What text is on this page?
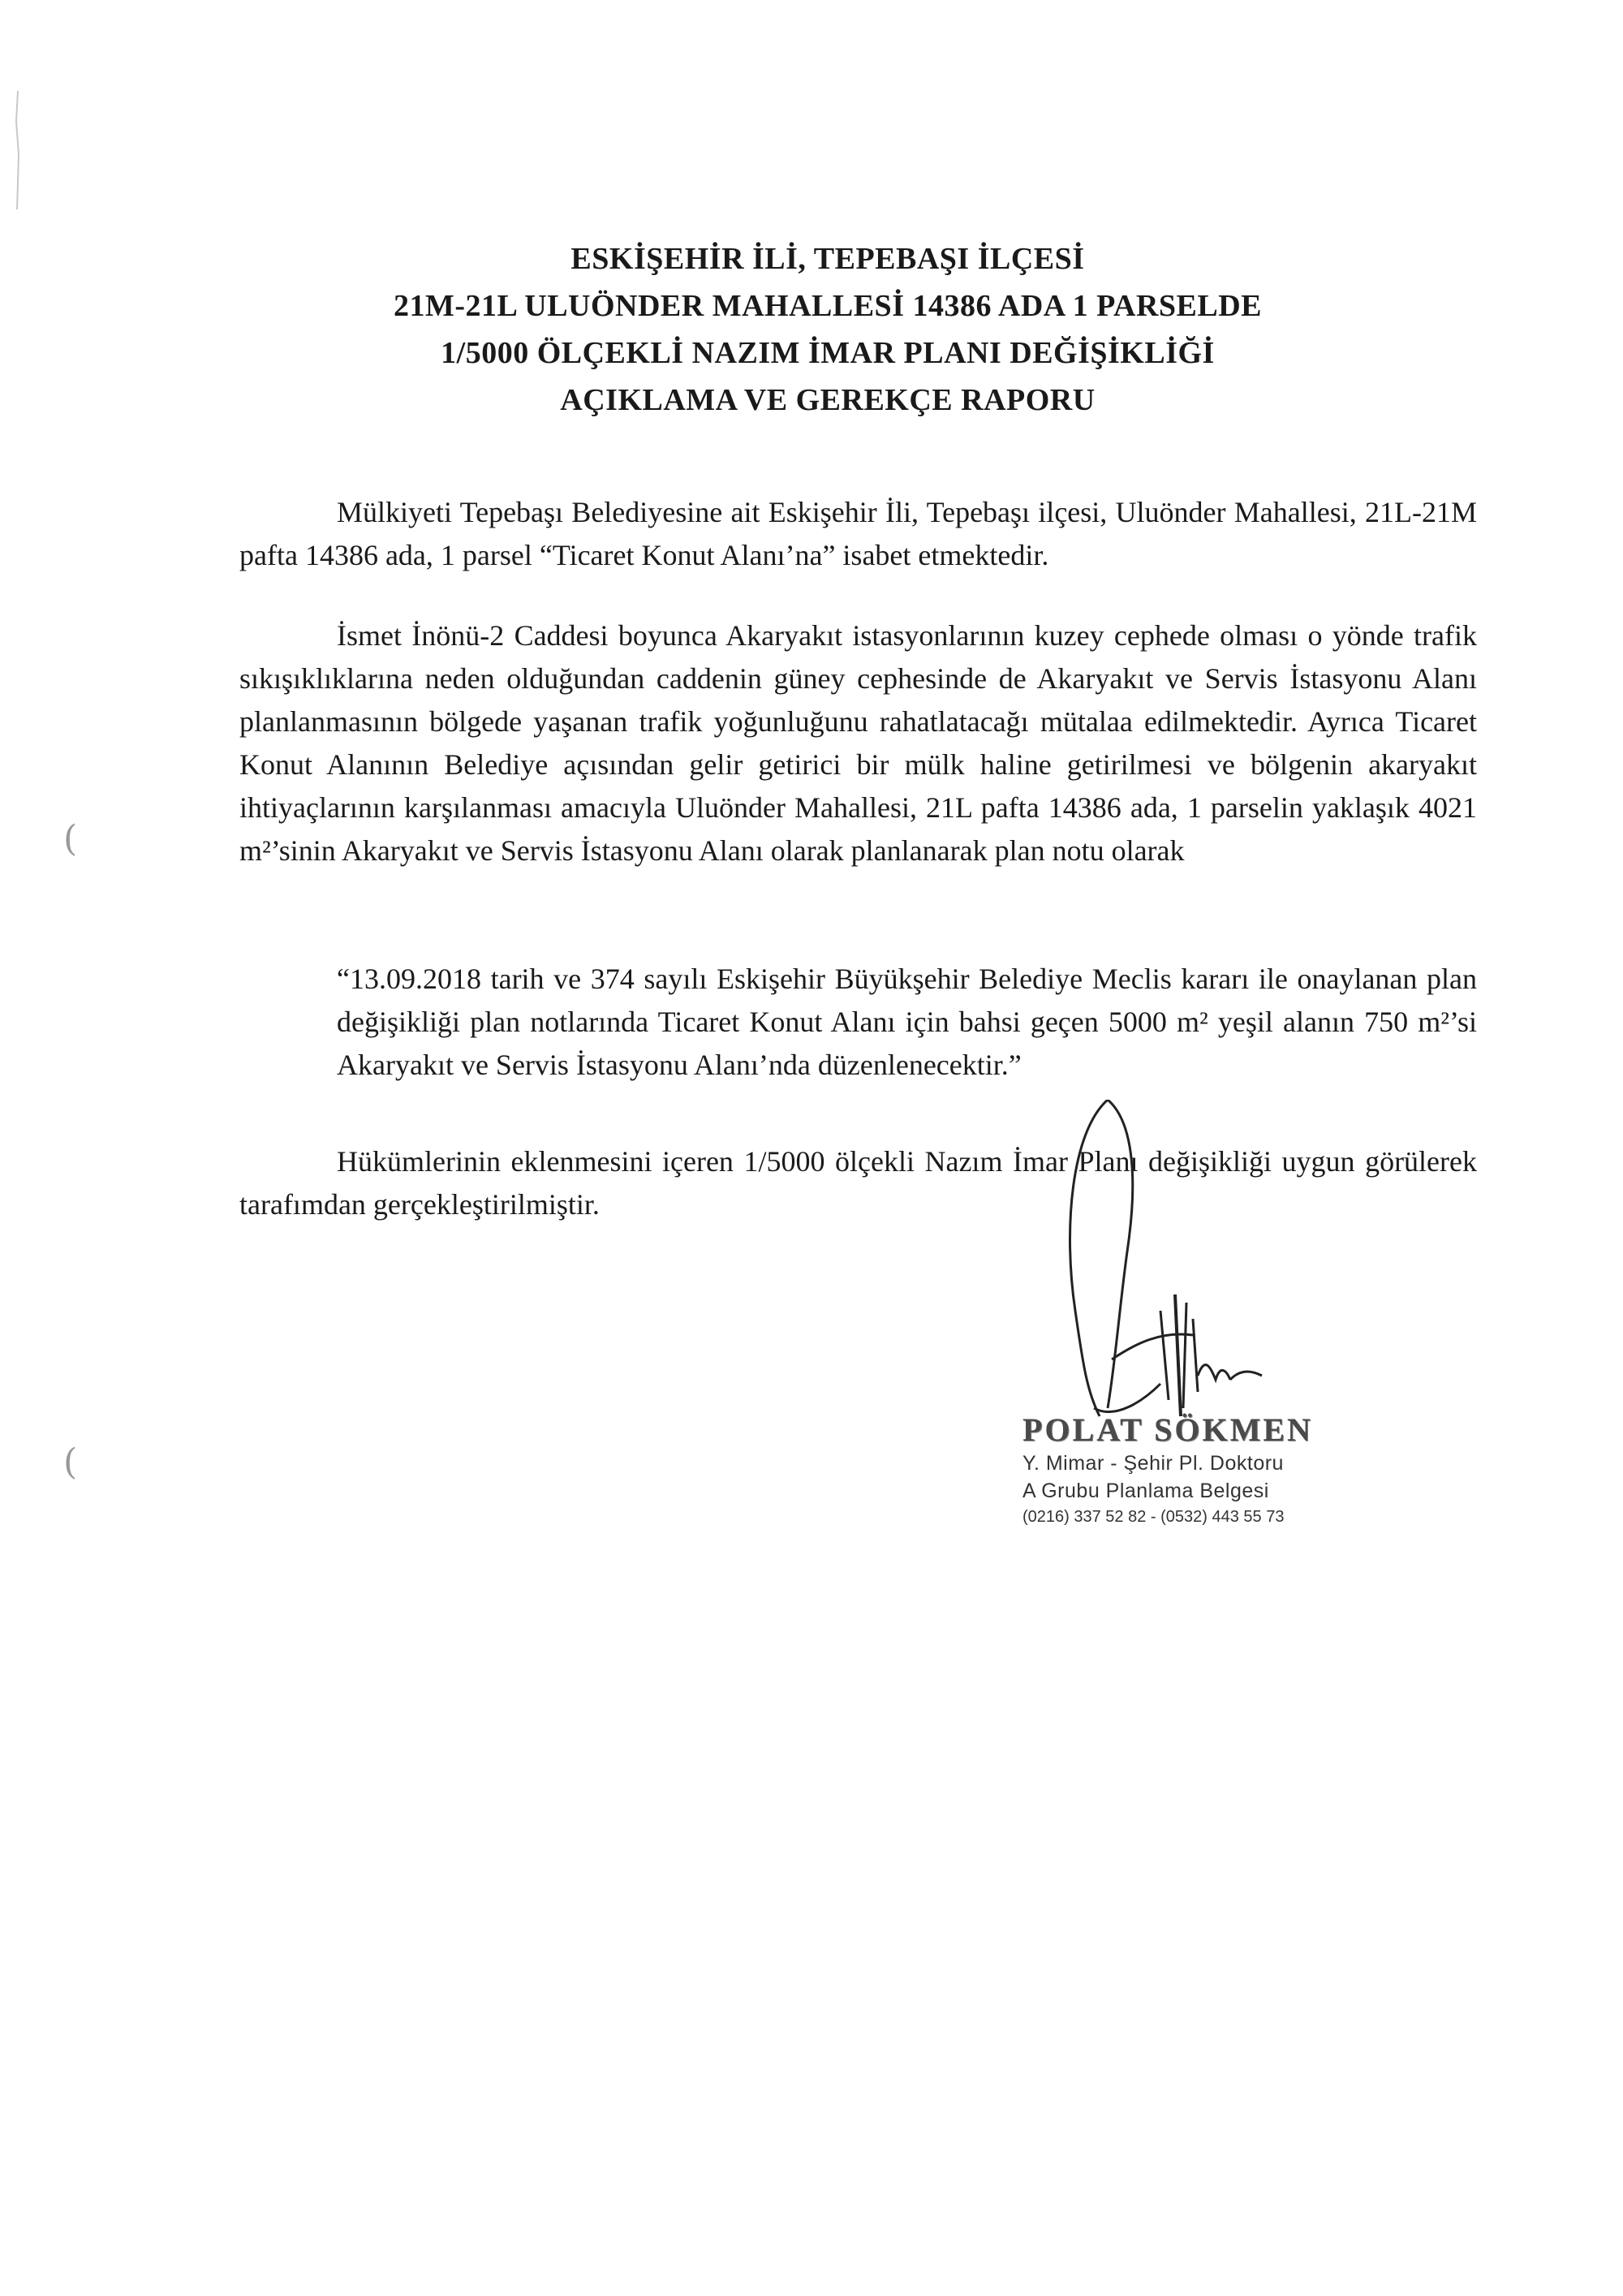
ESKİŞEHİR İLİ, TEPEBAŞI İLÇESİ
21M-21L ULUÖNDER MAHALLESİ 14386 ADA 1 PARSELDE
1/5000 ÖLÇEKLİ NAZIM İMAR PLANI DEĞİŞİKLİĞİ
AÇIKLAMA VE GEREKÇE RAPORU

Mülkiyeti Tepebaşı Belediyesine ait Eskişehir İli, Tepebaşı ilçesi, Uluönder Mahallesi, 21L-21M pafta 14386 ada, 1 parsel “Ticaret Konut Alanı’na” isabet etmektedir.

İsmet İnönü-2 Caddesi boyunca Akaryakıt istasyonlarının kuzey cephede olması o yönde trafik sıkışıklıklarına neden olduğundan caddenin güney cephesinde de Akaryakıt ve Servis İstasyonu Alanı planlanmasının bölgede yaşanan trafik yoğunluğunu rahatlatacağı mütalaa edilmektedir. Ayrıca Ticaret Konut Alanının Belediye açısından gelir getirici bir mülk haline getirilmesi ve bölgenin akaryakıt ihtiyaçlarının karşılanması amacıyla Uluönder Mahallesi, 21L pafta 14386 ada, 1 parselin yaklaşık 4021 m²’sinin Akaryakıt ve Servis İstasyonu Alanı olarak planlanarak plan notu olarak

“13.09.2018 tarih ve 374 sayılı Eskişehir Büyükşehir Belediye Meclis kararı ile onaylanan plan değişikliği plan notlarında Ticaret Konut Alanı için bahsi geçen 5000 m² yeşil alanın 750 m²’si Akaryakıt ve Servis İstasyonu Alanı’nda düzenlenecektir.”

Hükümlerinin eklenmesini içeren 1/5000 ölçekli Nazım İmar Planı değişikliği uygun görülerek tarafımdan gerçekleştirilmiştir.

POLAT SÖKMEN
Y. Mimar - Şehir Pl. Doktoru
A Grubu Planlama Belgesi
(0216) 337 52 82 - (0532) 443 55 73
(
(
